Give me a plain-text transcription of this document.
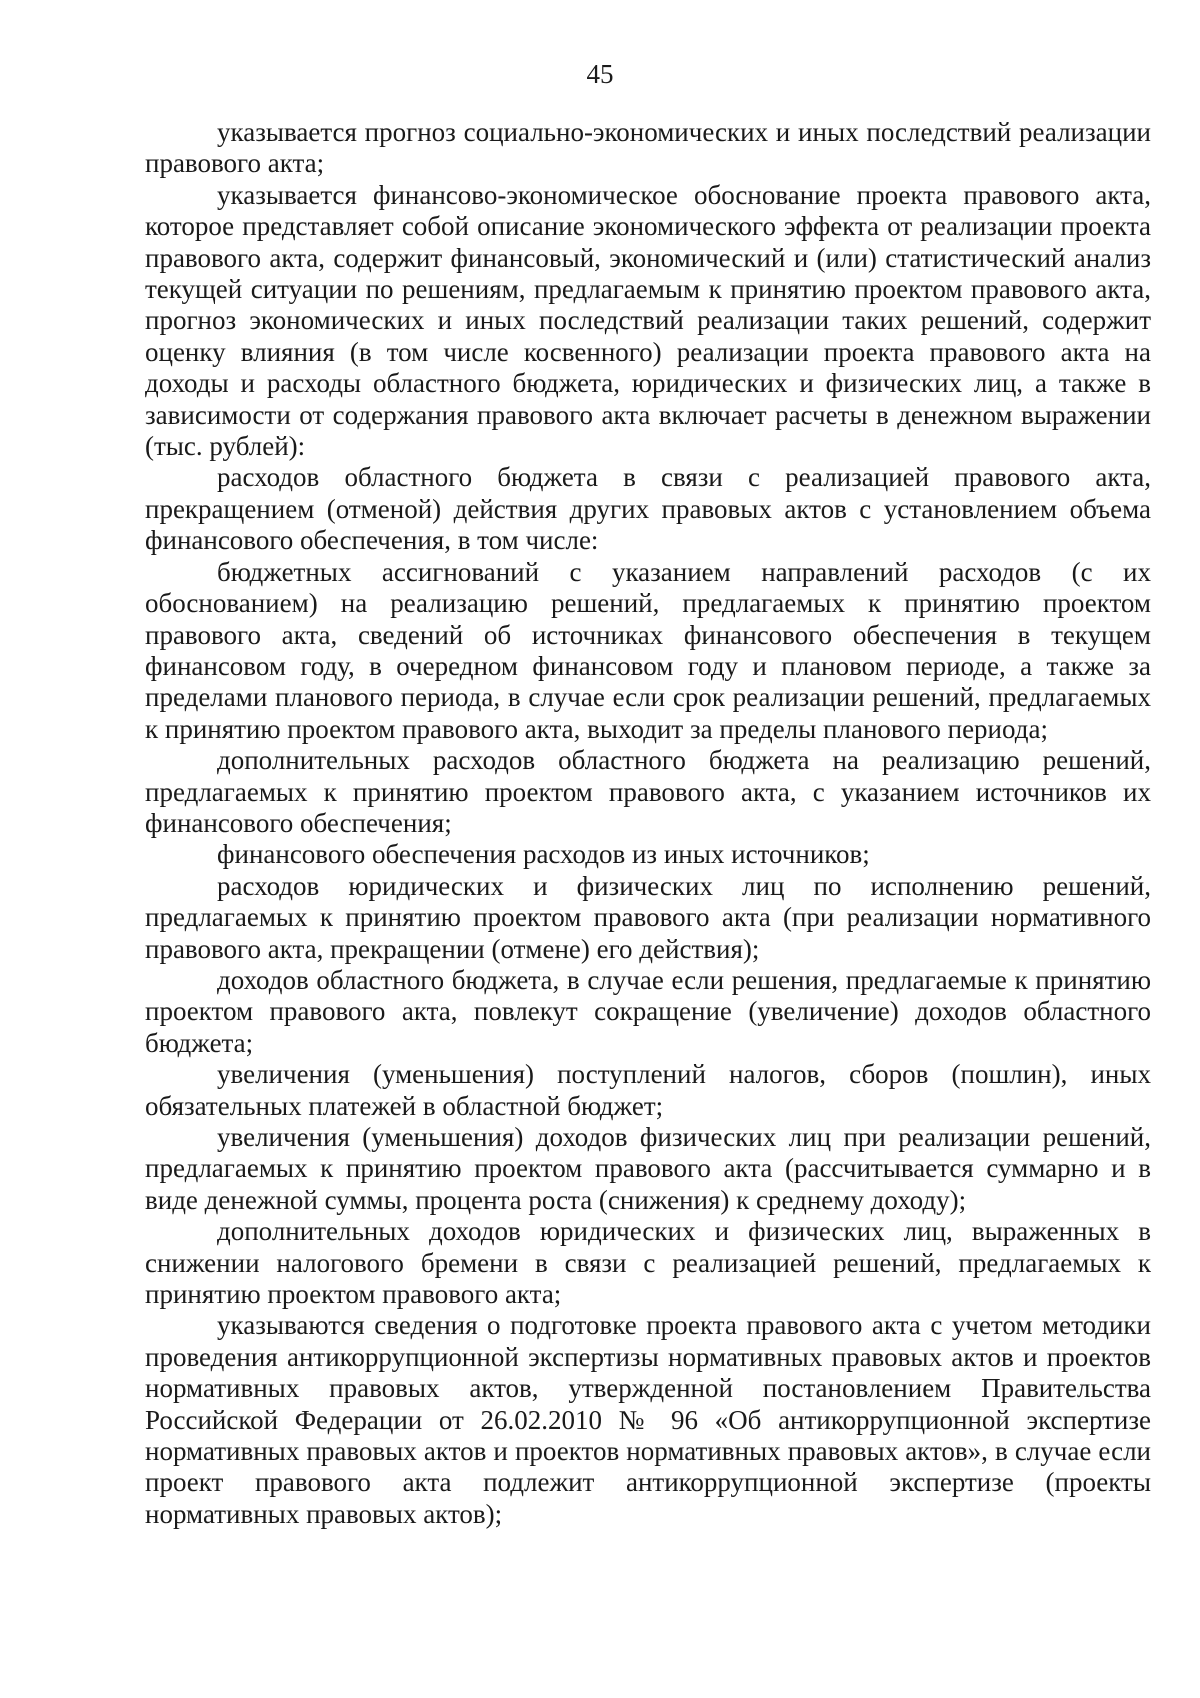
45

указывается прогноз социально-экономических и иных последствий реализации правового акта;

указывается финансово-экономическое обоснование проекта правового акта, которое представляет собой описание экономического эффекта от реализации проекта правового акта, содержит финансовый, экономический и (или) статистический анализ текущей ситуации по решениям, предлагаемым к принятию проектом правового акта, прогноз экономических и иных последствий реализации таких решений, содержит оценку влияния (в том числе косвенного) реализации проекта правового акта на доходы и расходы областного бюджета, юридических и физических лиц, а также в зависимости от содержания правового акта включает расчеты в денежном выражении (тыс. рублей):

расходов областного бюджета в связи с реализацией правового акта, прекращением (отменой) действия других правовых актов с установлением объема финансового обеспечения, в том числе:

бюджетных ассигнований с указанием направлений расходов (с их обоснованием) на реализацию решений, предлагаемых к принятию проектом правового акта, сведений об источниках финансового обеспечения в текущем финансовом году, в очередном финансовом году и плановом периоде, а также за пределами планового периода, в случае если срок реализации решений, предлагаемых к принятию проектом правового акта, выходит за пределы планового периода;

дополнительных расходов областного бюджета на реализацию решений, предлагаемых к принятию проектом правового акта, с указанием источников их финансового обеспечения;

финансового обеспечения расходов из иных источников;

расходов юридических и физических лиц по исполнению решений, предлагаемых к принятию проектом правового акта (при реализации нормативного правового акта, прекращении (отмене) его действия);

доходов областного бюджета, в случае если решения, предлагаемые к принятию проектом правового акта, повлекут сокращение (увеличение) доходов областного бюджета;

увеличения (уменьшения) поступлений налогов, сборов (пошлин), иных обязательных платежей в областной бюджет;

увеличения (уменьшения) доходов физических лиц при реализации решений, предлагаемых к принятию проектом правового акта (рассчитывается суммарно и в виде денежной суммы, процента роста (снижения) к среднему доходу);

дополнительных доходов юридических и физических лиц, выраженных в снижении налогового бремени в связи с реализацией решений, предлагаемых к принятию проектом правового акта;

указываются сведения о подготовке проекта правового акта с учетом методики проведения антикоррупционной экспертизы нормативных правовых актов и проектов нормативных правовых актов, утвержденной постановлением Правительства Российской Федерации от 26.02.2010 № 96 «Об антикоррупционной экспертизе нормативных правовых актов и проектов нормативных правовых актов», в случае если проект правового акта подлежит антикоррупционной экспертизе (проекты нормативных правовых актов);
